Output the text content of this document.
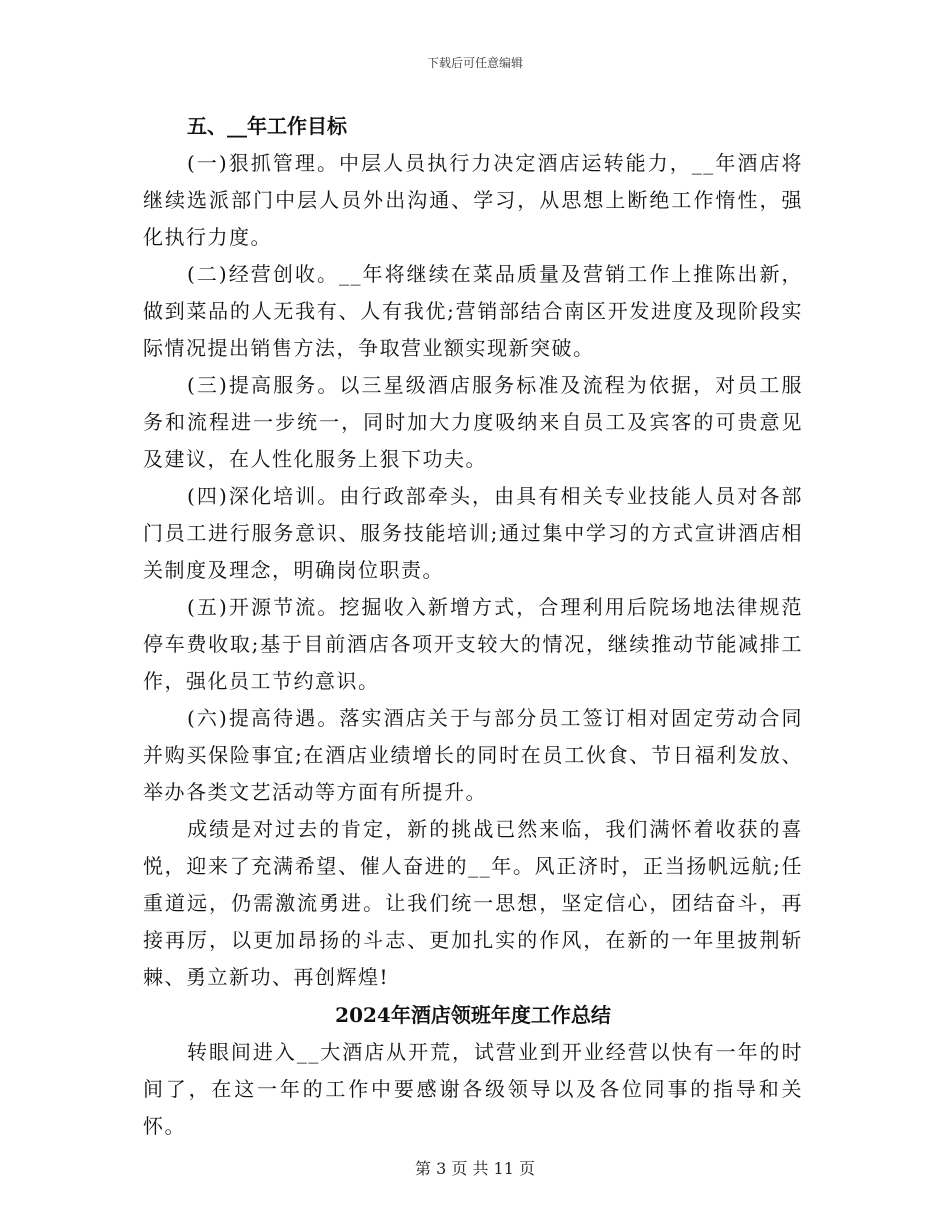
下载后可任意编辑

五、__年工作目标

(一)狠抓管理。中层人员执行力决定酒店运转能力，__年酒店将继续选派部门中层人员外出沟通、学习，从思想上断绝工作惰性，强化执行力度。

(二)经营创收。__年将继续在菜品质量及营销工作上推陈出新，做到菜品的人无我有、人有我优;营销部结合南区开发进度及现阶段实际情况提出销售方法，争取营业额实现新突破。

(三)提高服务。以三星级酒店服务标准及流程为依据，对员工服务和流程进一步统一，同时加大力度吸纳来自员工及宾客的可贵意见及建议，在人性化服务上狠下功夫。

(四)深化培训。由行政部牵头，由具有相关专业技能人员对各部门员工进行服务意识、服务技能培训;通过集中学习的方式宣讲酒店相关制度及理念，明确岗位职责。

(五)开源节流。挖掘收入新增方式，合理利用后院场地法律规范停车费收取;基于目前酒店各项开支较大的情况，继续推动节能减排工作，强化员工节约意识。

(六)提高待遇。落实酒店关于与部分员工签订相对固定劳动合同并购买保险事宜;在酒店业绩增长的同时在员工伙食、节日福利发放、举办各类文艺活动等方面有所提升。

成绩是对过去的肯定，新的挑战已然来临，我们满怀着收获的喜悦，迎来了充满希望、催人奋进的__年。风正济时，正当扬帆远航;任重道远，仍需激流勇进。让我们统一思想，坚定信心，团结奋斗，再接再厉，以更加昂扬的斗志、更加扎实的作风，在新的一年里披荆斩棘、勇立新功、再创辉煌!

2024年酒店领班年度工作总结

转眼间进入__大酒店从开荒，试营业到开业经营以快有一年的时间了，在这一年的工作中要感谢各级领导以及各位同事的指导和关怀。

第 3 页 共 11 页
